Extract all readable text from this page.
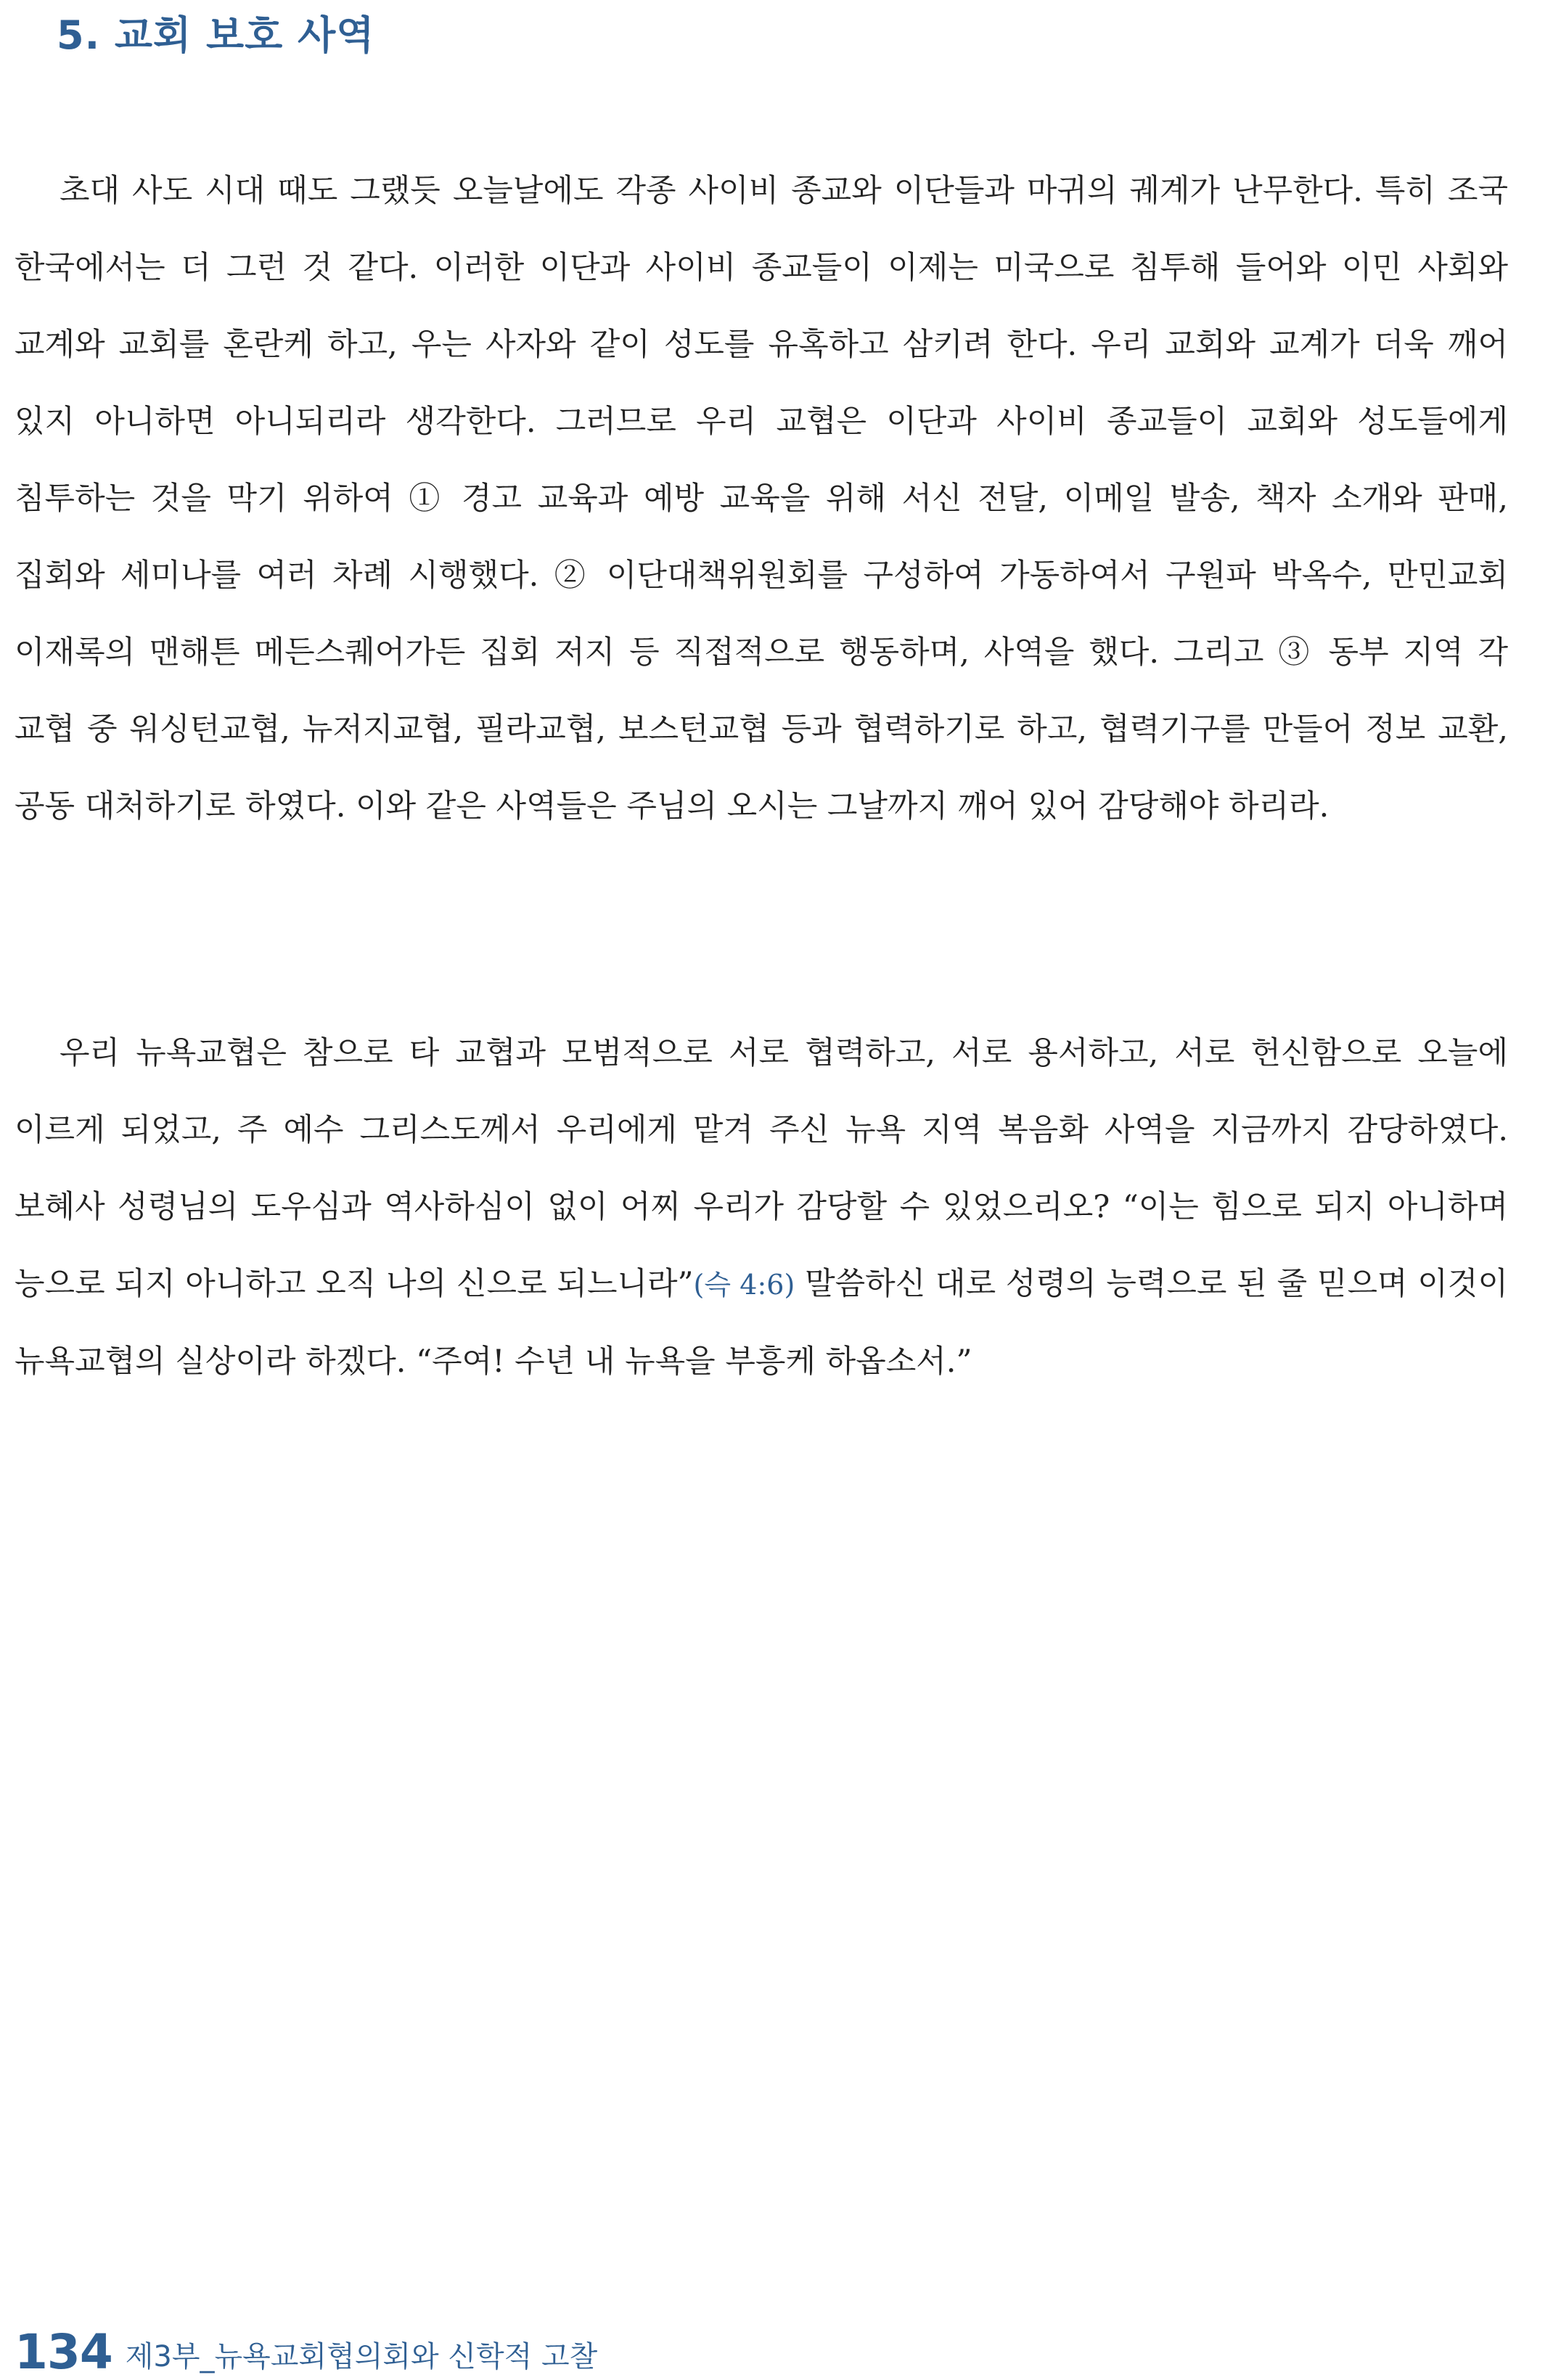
5. 교회 보호 사역

초대 사도 시대 때도 그랬듯 오늘날에도 각종 사이비 종교와 이단들과 마귀의 궤계가 난무한다. 특히 조국 한국에서는 더 그런 것 같다. 이러한 이단과 사이비 종교들이 이제는 미국으로 침투해 들어와 이민 사회와 교계와 교회를 혼란케 하고, 우는 사자와 같이 성도를 유혹하고 삼키려 한다. 우리 교회와 교계가 더욱 깨어 있지 아니하면 아니되리라 생각한다. 그러므로 우리 교협은 이단과 사이비 종교들이 교회와 성도들에게 침투하는 것을 막기 위하여 ① 경고 교육과 예방 교육을 위해 서신 전달, 이메일 발송, 책자 소개와 판매, 집회와 세미나를 여러 차례 시행했다. ② 이단대책위원회를 구성하여 가동하여서 구원파 박옥수, 만민교회 이재록의 맨해튼 메든스퀘어가든 집회 저지 등 직접적으로 행동하며, 사역을 했다. 그리고 ③ 동부 지역 각 교협 중 워싱턴교협, 뉴저지교협, 필라교협, 보스턴교협 등과 협력하기로 하고, 협력기구를 만들어 정보 교환, 공동 대처하기로 하였다. 이와 같은 사역들은 주님의 오시는 그날까지 깨어 있어 감당해야 하리라.

우리 뉴욕교협은 참으로 타 교협과 모범적으로 서로 협력하고, 서로 용서하고, 서로 헌신함으로 오늘에 이르게 되었고, 주 예수 그리스도께서 우리에게 맡겨 주신 뉴욕 지역 복음화 사역을 지금까지 감당하였다. 보혜사 성령님의 도우심과 역사하심이 없이 어찌 우리가 감당할 수 있었으리오? “이는 힘으로 되지 아니하며 능으로 되지 아니하고 오직 나의 신으로 되느니라”(슥 4:6) 말씀하신 대로 성령의 능력으로 된 줄 믿으며 이것이 뉴욕교협의 실상이라 하겠다. “주여! 수년 내 뉴욕을 부흥케 하옵소서.”

134 제3부_뉴욕교회협의회와 신학적 고찰
